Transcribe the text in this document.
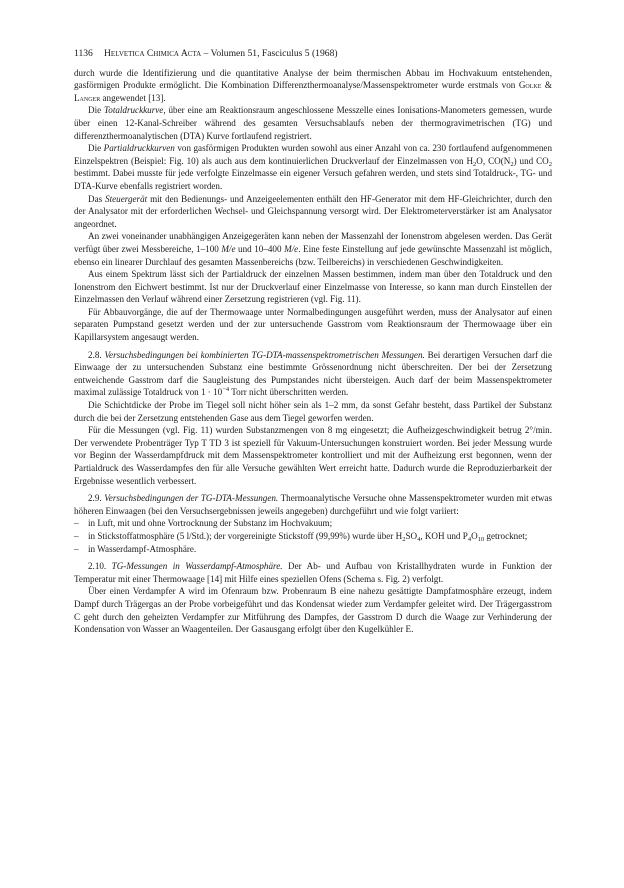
1136	Helvetica Chimica Acta – Volumen 51, Fasciculus 5 (1968)

durch wurde die Identifizierung und die quantitative Analyse der beim thermischen Abbau im Hochvakuum entstehenden, gasförmigen Produkte ermöglicht. Die Kombination Differenzthermoanalyse/Massenspektrometer wurde erstmals von Golke & Langer angewendet [13].

Die Totaldruckkurve, über eine am Reaktionsraum angeschlossene Messzelle eines Ionisations-Manometers gemessen, wurde über einen 12-Kanal-Schreiber während des gesamten Versuchsablaufs neben der thermogravimetrischen (TG) und differenzthermoanalytischen (DTA) Kurve fortlaufend registriert.

Die Partialdruckkurven von gasförmigen Produkten wurden sowohl aus einer Anzahl von ca. 230 fortlaufend aufgenommenen Einzelspektren (Beispiel: Fig. 10) als auch aus dem kontinuierlichen Druckverlauf der Einzelmassen von $H_2O$, $CO(N_2)$ und $CO_2$ bestimmt. Dabei musste für jede verfolgte Einzelmasse ein eigener Versuch gefahren werden, und stets sind Totaldruck-, TG- und DTA-Kurve ebenfalls registriert worden.

Das Steuergerät mit den Bedienungs- und Anzeigeelementen enthält den HF-Generator mit dem HF-Gleichrichter, durch den der Analysator mit der erforderlichen Wechsel- und Gleichspannung versorgt wird. Der Elektrometerverstärker ist am Analysator angeordnet.

An zwei voneinander unabhängigen Anzeigegeräten kann neben der Massenzahl der Ionenstrom abgelesen werden. Das Gerät verfügt über zwei Messbereiche, 1–100 M/e und 10–400 M/e. Eine feste Einstellung auf jede gewünschte Massenzahl ist möglich, ebenso ein linearer Durchlauf des gesamten Massenbereichs (bzw. Teilbereichs) in verschiedenen Geschwindigkeiten.

Aus einem Spektrum lässt sich der Partialdruck der einzelnen Massen bestimmen, indem man über den Totaldruck und den Ionenstrom den Eichwert bestimmt. Ist nur der Druckverlauf einer Einzelmasse von Interesse, so kann man durch Einstellen der Einzelmassen den Verlauf während einer Zersetzung registrieren (vgl. Fig. 11).

Für Abbauvorgänge, die auf der Thermowaage unter Normalbedingungen ausgeführt werden, muss der Analysator auf einen separaten Pumpstand gesetzt werden und der zur untersuchende Gasstrom vom Reaktionsraum der Thermowaage über ein Kapillarsystem angesaugt werden.

2.8. Versuchsbedingungen bei kombinierten TG-DTA-massenspektrometrischen Messungen. Bei derartigen Versuchen darf die Einwaage der zu untersuchenden Substanz eine bestimmte Grössenordnung nicht überschreiten. Der bei der Zersetzung entweichende Gasstrom darf die Saugleistung des Pumpstandes nicht übersteigen. Auch darf der beim Massenspektrometer maximal zulässige Totaldruck von $1 \cdot 10^{-4}$ Torr nicht überschritten werden.

Die Schichtdicke der Probe im Tiegel soll nicht höher sein als 1–2 mm, da sonst Gefahr besteht, dass Partikel der Substanz durch die bei der Zersetzung entstehenden Gase aus dem Tiegel geworfen werden.

Für die Messungen (vgl. Fig. 11) wurden Substanzmengen von 8 mg eingesetzt; die Aufheizgeschwindigkeit betrug 2°/min. Der verwendete Probenträger Typ T TD 3 ist speziell für Vakuum-Untersuchungen konstruiert worden. Bei jeder Messung wurde vor Beginn der Wasserdampfdruck mit dem Massenspektrometer kontrolliert und mit der Aufheizung erst begonnen, wenn der Partialdruck des Wasserdampfes den für alle Versuche gewählten Wert erreicht hatte. Dadurch wurde die Reproduzierbarkeit der Ergebnisse wesentlich verbessert.

2.9. Versuchsbedingungen der TG-DTA-Messungen. Thermoanalytische Versuche ohne Massenspektrometer wurden mit etwas höheren Einwaagen (bei den Versuchsergebnissen jeweils angegeben) durchgeführt und wie folgt variiert:

– in Luft, mit und ohne Vortrocknung der Substanz im Hochvakuum;
– in Stickstoffatmosphäre (5 l/Std.); der vorgereinigte Stickstoff (99,99%) wurde über $H_2SO_4$, KOH und $P_4O_{10}$ getrocknet;
– in Wasserdampf-Atmosphäre.

2.10. TG-Messungen in Wasserdampf-Atmosphäre. Der Ab- und Aufbau von Kristallhydraten wurde in Funktion der Temperatur mit einer Thermowaage [14] mit Hilfe eines speziellen Ofens (Schema s. Fig. 2) verfolgt.

Über einen Verdampfer A wird im Ofenraum bzw. Probenraum B eine nahezu gesättigte Dampfatmosphäre erzeugt, indem Dampf durch Trägergas an der Probe vorbeigeführt und das Kondensat wieder zum Verdampfer geleitet wird. Der Trägergasstrom C geht durch den geheizten Verdampfer zur Mitführung des Dampfes, der Gasstrom D durch die Waage zur Verhinderung der Kondensation von Wasser an Waagenteilen. Der Gasausgang erfolgt über den Kugelkühler E.
